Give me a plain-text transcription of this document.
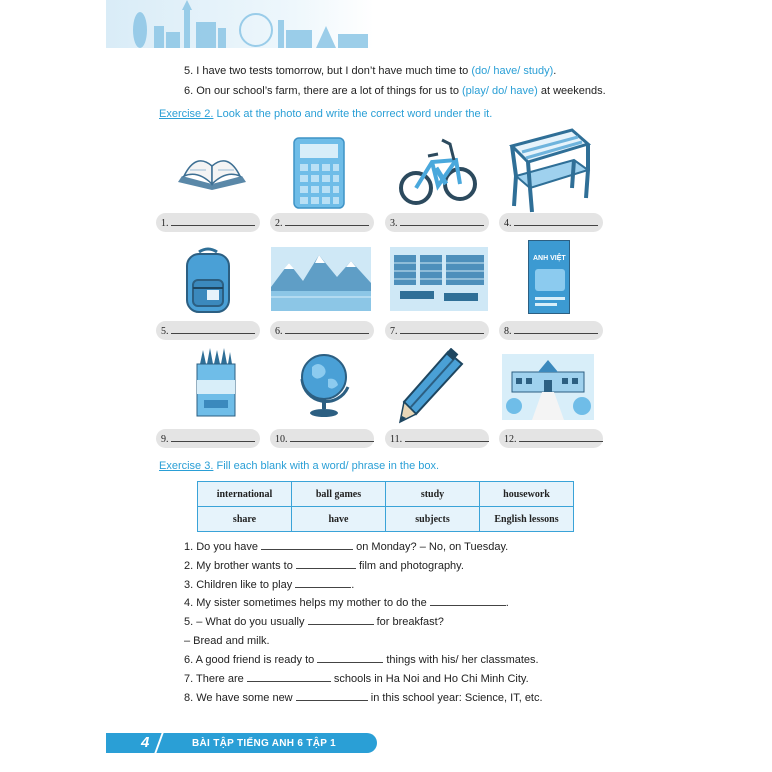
5. I have two tests tomorrow, but I don’t have much time to (do/ have/ study).
6. On our school’s farm, there are a lot of things for us to (play/ do/ have) at weekends.
Exercise 2. Look at the photo and write the correct word under the it.
1.	2.	3.	4.
ANH VIỆT
5.	6.	7.	8.
9.	10.	11.	12.
Exercise 3. Fill each blank with a word/ phrase in the box.
international	ball games	study	housework
share	have	subjects	English lessons
1. Do you have	on Monday? – No, on Tuesday.
2. My brother wants to	film and photography.
3. Children like to play	.
4. My sister sometimes helps my mother to do the	.
5. – What do you usually	for breakfast?
– Bread and milk.
6. A good friend is ready to	things with his/ her classmates.
7. There are	schools in Ha Noi and Ho Chi Minh City.
8. We have some new	in this school year: Science, IT, etc.
4	BÀI TẬP TIẾNG ANH 6 TẬP 1
